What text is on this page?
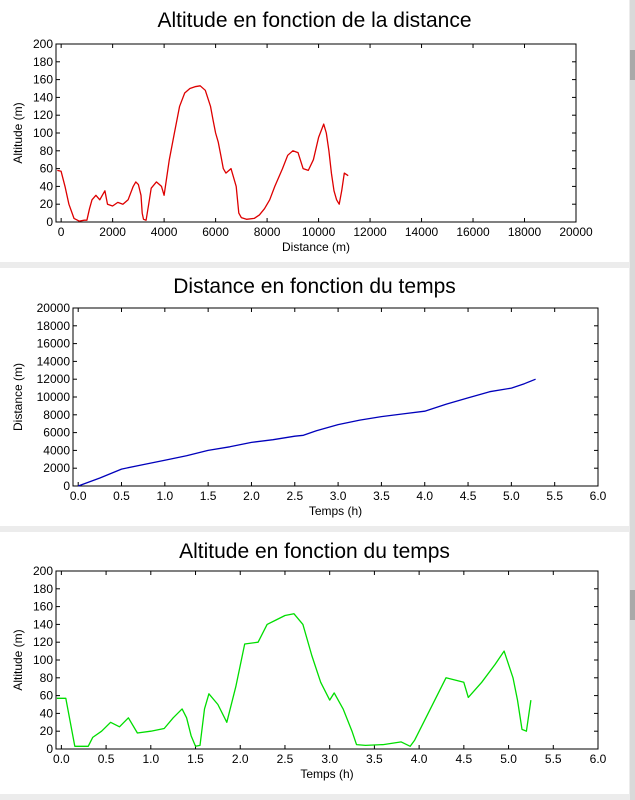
Altitude en fonction de la distance
0	2000 4000 6000 8000 10000 12000 14000 16000 18000 20000
0
20
40
60
80
100
120
140
160
180
200
Distance (m)
Altitude (m)
Distance en fonction du temps
0.0 0.5 1.0 1.5 2.0 2.5 3.0 3.5 4.0 4.5 5.0 5.5 6.0
0
2000
4000
6000
8000
10000
12000
14000
16000
18000
20000
Temps (h)
Distance (m)
Altitude en fonction du temps
0.0 0.5 1.0 1.5 2.0 2.5 3.0 3.5 4.0 4.5 5.0 5.5 6.0
0
20
40
60
80
100
120
140
160
180
200
Temps (h)
Altitude (m)
